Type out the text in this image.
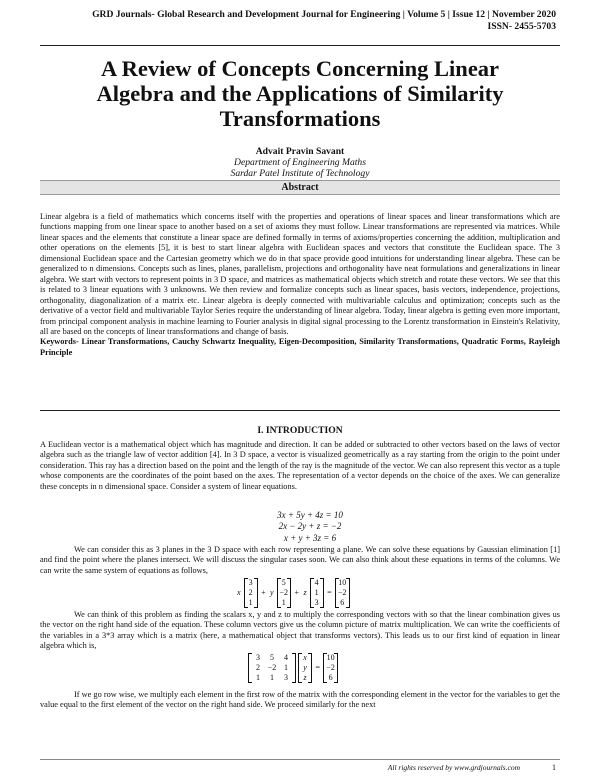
GRD Journals- Global Research and Development Journal for Engineering | Volume 5 | Issue 12 | November 2020
ISSN- 2455-5703
A Review of Concepts Concerning Linear
Algebra and the Applications of Similarity
Transformations
Advait Pravin Savant
Department of Engineering Maths
Sardar Patel Institute of Technology
Abstract

Linear algebra is a field of mathematics which concerns itself with the properties and operations of linear spaces and linear transformations which are functions mapping from one linear space to another based on a set of axioms they must follow. Linear transformations are represented via matrices. While linear spaces and the elements that constitute a linear space are defined formally in terms of axioms/properties concerning the addition, multiplication and other operations on the elements [5], it is best to start linear algebra with Euclidean spaces and vectors that constitute the Euclidean space. The 3 dimensional Euclidean space and the Cartesian geometry which we do in that space provide good intuitions for understanding linear algebra. These can be generalized to n dimensions. Concepts such as lines, planes, parallelism, projections and orthogonality have neat formulations and generalizations in linear algebra. We start with vectors to represent points in 3 D space, and matrices as mathematical objects which stretch and rotate these vectors. We see that this is related to 3 linear equations with 3 unknowns. We then review and formalize concepts such as linear spaces, basis vectors, independence, projections, orthogonality, diagonalization of a matrix etc. Linear algebra is deeply connected with multivariable calculus and optimization; concepts such as the derivative of a vector field and multivariable Taylor Series require the understanding of linear algebra. Today, linear algebra is getting even more important, from principal component analysis in machine learning to Fourier analysis in digital signal processing to the Lorentz transformation in Einstein's Relativity, all are based on the concepts of linear transformations and change of basis.

Keywords- Linear Transformations, Cauchy Schwartz Inequality, Eigen-Decomposition, Similarity Transformations, Quadratic Forms, Rayleigh Principle

I. INTRODUCTION

A Euclidean vector is a mathematical object which has magnitude and direction. It can be added or subtracted to other vectors based on the laws of vector algebra such as the triangle law of vector addition [4]. In 3 D space, a vector is visualized geometrically as a ray starting from the origin to the point under consideration. This ray has a direction based on the point and the length of the ray is the magnitude of the vector. We can also represent this vector as a tuple whose components are the coordinates of the point based on the axes. The representation of a vector depends on the choice of the axes. We can generalize these concepts in n dimensional space. Consider a system of linear equations.

3x + 5y + 4z = 10
2x − 2y + z = −2
x + y + 3z = 6

We can consider this as 3 planes in the 3 D space with each row representing a plane. We can solve these equations by Gaussian elimination [1] and find the point where the planes intersect. We will discuss the singular cases soon. We can also think about these equations in terms of the columns. We can write the same system of equations as follows,

x
3
2
1
+ y
5
−2
1
+ z
4
1
3
=
10
−2
6

We can think of this problem as finding the scalars x, y and z to multiply the corresponding vectors with so that the linear combination gives us the vector on the right hand side of the equation. These column vectors give us the column picture of matrix multiplication. We can write the coefficients of the variables in a 3*3 array which is a matrix (here, a mathematical object that transforms vectors). This leads us to our first kind of equation in linear algebra which is,

3	5	4
2 −2 1
1	1	3
x
y
z
=
10
−2
6

If we go row wise, we multiply each element in the first row of the matrix with the corresponding element in the vector for the variables to get the value equal to the first element of the vector on the right hand side. We proceed similarly for the next

All rights reserved by www.grdjournals.com	1
